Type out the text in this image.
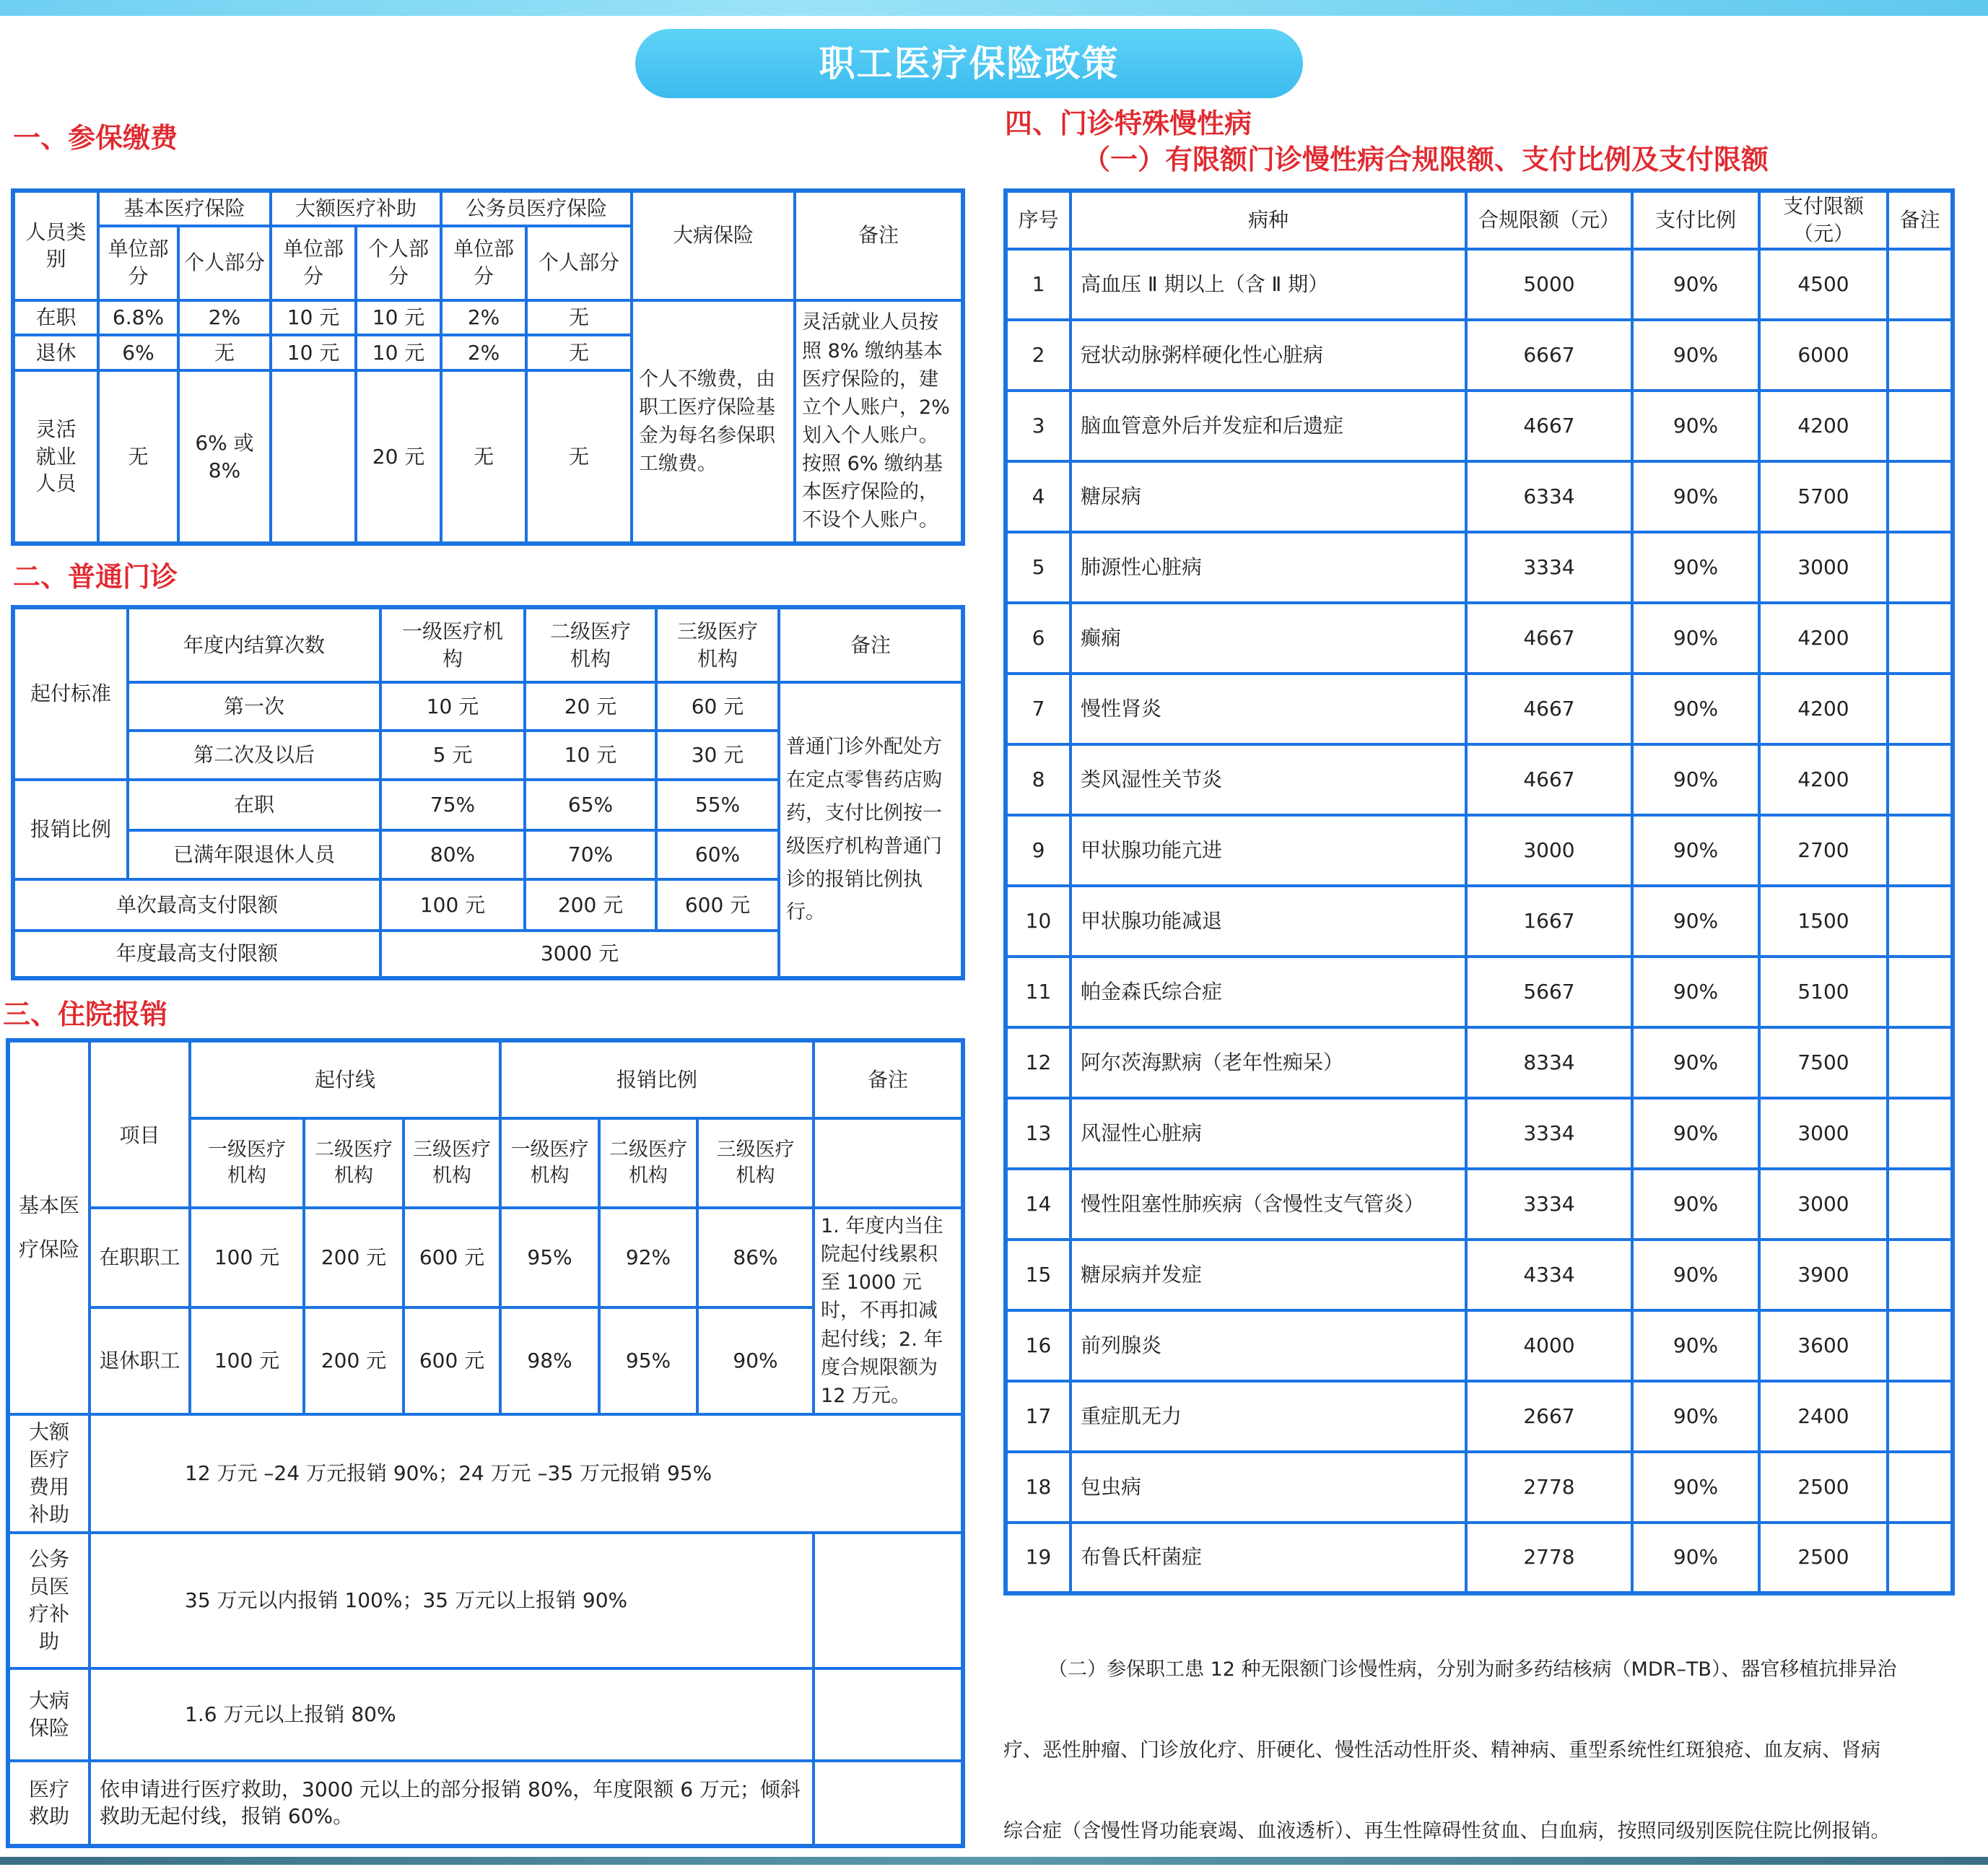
职工医疗保险政策
一、参保缴费
人员类别	基本医疗保险		大额医疗补助		公务员医疗保险		大病保险	备注
	单位部分	个人部分	单位部分	个人部分	单位部分	个人部分		
在职	6.8%	2%	10 元	10 元	2%	无	个人不缴费，由职工医疗保险基金为每名参保职工缴费。	灵活就业人员按照 8% 缴纳基本医疗保险的，建立个人账户，2% 划入个人账户。按照 6% 缴纳基本医疗保险的，不设个人账户。
退休	6%	无	10 元	10 元	2%	无		
灵活就业人员	无	6% 或8%		20 元	无	无		
二、普通门诊
起付标准	年度内结算次数	一级医疗机构	二级医疗机构	三级医疗机构	备注
	第一次	10 元	20 元	60 元	普通门诊外配处方在定点零售药店购药，支付比例按一级医疗机构普通门诊的报销比例执行。
	第二次及以后	5 元	10 元	30 元	
报销比例	在职	75%	65%	55%	
	已满年限退休人员	80%	70%	60%	
单次最高支付限额		100 元	200 元	600 元	
年度最高支付限额		3000 元			
三、住院报销
基本医疗保险	项目	起付线			报销比例			备注
		一级医疗机构	二级医疗机构	三级医疗机构	一级医疗机构	二级医疗机构	三级医疗机构	
	在职职工	100 元	200 元	600 元	95%	92%	86%	1. 年度内当住院起付线累积至 1000 元时，不再扣减起付线；2. 年度合规限额为 12 万元。
	退休职工	100 元	200 元	600 元	98%	95%	90%	

大额医疗费用补助	12 万元 –24 万元报销 90%；24 万元 –35 万元报销 95%							
公务员医疗补助	35 万元以内报销 100%；35 万元以上报销 90%							
大病保险	1.6 万元以上报销 80%							
医疗救助	依申请进行医疗救助，3000 元以上的部分报销 80%，年度限额 6 万元；倾斜救助无起付线，报销 60%。							
四、门诊特殊慢性病
（一）有限额门诊慢性病合规限额、支付比例及支付限额
序号	病种	合规限额（元）	支付比例	支付限额（元）	备注
1	高血压 Ⅱ 期以上（含 Ⅱ 期）	5000	90%	4500	
2	冠状动脉粥样硬化性心脏病	6667	90%	6000	
3	脑血管意外后并发症和后遗症	4667	90%	4200	
4	糖尿病	6334	90%	5700	
5	肺源性心脏病	3334	90%	3000	
6	癫痫	4667	90%	4200	
7	慢性肾炎	4667	90%	4200	
8	类风湿性关节炎	4667	90%	4200	
9	甲状腺功能亢进	3000	90%	2700	
10	甲状腺功能减退	1667	90%	1500	
11	帕金森氏综合症	5667	90%	5100	
12	阿尔茨海默病（老年性痴呆）	8334	90%	7500	
13	风湿性心脏病	3334	90%	3000	
14	慢性阻塞性肺疾病（含慢性支气管炎）	3334	90%	3000	
15	糖尿病并发症	4334	90%	3900	
16	前列腺炎	4000	90%	3600	
17	重症肌无力	2667	90%	2400	
18	包虫病	2778	90%	2500	
19	布鲁氏杆菌症	2778	90%	2500	
（二）参保职工患 12 种无限额门诊慢性病，分别为耐多药结核病（MDR–TB）、器官移植抗排异治
疗、恶性肿瘤、门诊放化疗、肝硬化、慢性活动性肝炎、精神病、重型系统性红斑狼疮、血友病、肾病
综合症（含慢性肾功能衰竭、血液透析）、再生性障碍性贫血、白血病，按照同级别医院住院比例报销。
